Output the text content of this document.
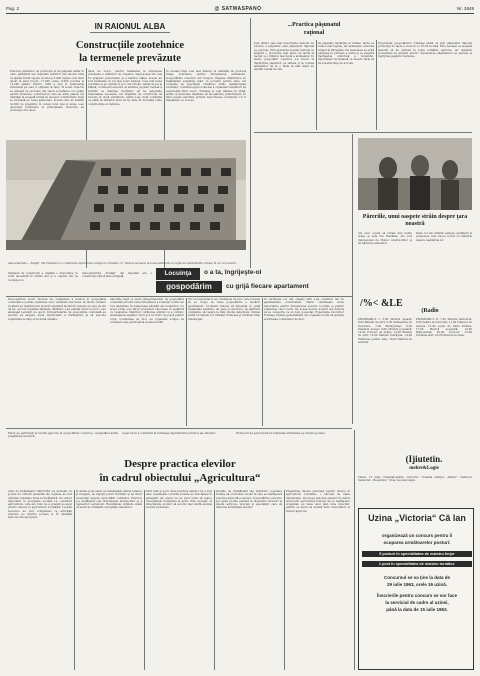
Pag. 2	@ SATMASPANO	Nr. 2649
IN RAIONUL ALBA
Construcțiile zootehnice
la termenele prevăzute
Practica pluzarilor de producţie şi de păşunat astfel în care, pământul are regiunile valorilor din raionul Alba ca planul 8.000 capete bovine şi 5.000 capete ovin mult decât în anul trecut. 17.500 ovine, 8.000 porcine şi 12.500 păsări. Pentru 1963 a fost şi rezervarea suficientă pe care îi obţinem la timp. În acest obiectiv se adaugă ca sectoare din raion zootehnice noi spaţii pentru sinterele, constructori care au atins planul, iar unităţile la această fermă au început construcţiile. Deşi se lucrează pe toate şantierele, aceste care au stabilit lucrări de pregătire în cursul lunii mai şi iunie, s-au dezvoltat termenele la principalele obiective de producţie din raion.
dacă de G.A.C. pentru realizarea la termenele prevăzute a clădirilor de creştere, după aceea din cele 10 grajduri proiectante şi a marilor stâne, aceste au fost terminate în cel mai scurt termen. Cele mai bune rezultate le au obţinut G.A.C. din Cricău, Galda de Jos şi Mihalţ. Comitetul executiv al sfatului popular raional a hotărât ca înaintea lucrărilor să fie asigurate materialele necesare, iar brigăzile de construcţii să lucreze în două schimburi. Astfel s-au creat condiţiile ca până la sfârşitul lunii să fie date în folosinţă toate construcţiile zootehnice.
In acelaşi timp s-au luat măsuri ca unităţile să producă furaje suficiente pentru întreţinerea animalelor. Gospodăriile colective din Ciugud, Oiejdea, Sântimbru au însămânţat suprafeţe mari cu porumb pentru siloz, iar comisiile de specialişti urmăresc zilnic desfăşurarea lucrărilor. Consiliul agricol raional a organizat schimburi de experienţă între G.A.C. fruntaşe şi cele rămase în urmă, astfel ca metodele înaintate să fie aplicate pretutindeni. În felul acesta sarcinile privind dezvoltarea zootehniei vor fi îndeplinite cu succes.
...Practica păşunatul
raţional
Una dintre cele mai importante metode de folosire a păşunilor este păşunatul raţional pe parcele. Prin aplicarea acestei metode se asigură o producţie mai mare de iarbă la hectar şi o hrănire mai bună a animalelor. În multe gospodării colective s-a trecut la împărţirea păşunilor pe tarlale şi la rotirea animalelor de la o tarla la alta după un anumit număr de zile.
Pe păşunile împărţite în tarlale, iarba se reface mai repede, iar animalele consumă furajul în întregime. De asemenea se evită călcarea în picioare a ierbii şi se asigură îngrăşarea uniformă a terenului. Specialiştii recomandă ca fiecare tarla să fie folosită timp de 4-6 zile.
Experienţa gospodăriilor fruntaşe arată că prin păşunatul raţional producţia de lapte a crescut cu 15-20 la sută. Este necesar ca această metodă să fie extinsă în toate unităţile agricole, iar inginerii zootehnişti să sprijine efectiv organizarea păşunatului pe parcele şi îngrijirea pajiştilor naturale.
Autocamerista – „Fosfaţi“ din Capitală cu o construcţie tipică, bine aranjat în circulaţia „3“. Deşi se lucrează pe toate şantierele în regim de apartamente, trăiesc în cei 12 locuitori.
Locuinţa	o a ta, îngrijeşte-ol
gospodărim	cu grijă fiecare apartament
Sistemul de construcţii a căpătat o dezvoltare cu totul deosebită în ultimii ani şi a cuprins mii de locuinţe noi.
Autocamerista „Fosfaţi“ din Capitală are o construcţie tipică bine aranjată.
Sarcinile mari ce revin întreprinderilor de gospodărie comunală privind buna întreţinere a fondului locativ au fost dezbătute în numeroase adunări ale locatarilor. Cu acest prilej s-au făcut propuneri valoroase în legătură cu repararea clădirilor, curăţenia scărilor şi a curţilor, amenajarea spaţiilor verzi şi a locurilor de joacă pentru copii. Comitetele de bloc au organizat echipe de voluntari care participă la aceste lucrări.
Un rol important îl au comitetele de bloc care trebuie să se ocupe de buna gospodărire a fiecărui apartament. Locatarii trebuie să întreţină cu grijă instalaţiile sanitare, de gaze şi electrice, să păstreze curăţenia, să repare la timp micile defecţiuni. Numai astfel locuinţele vor rămâne frumoase şi durabile timp îndelungat.
În cartierele noi din oraşele ţării s-au construit mii de apartamente confortabile. Statul cheltuieşte sume importante pentru întreţinerea acestor locuinţe şi pentru repararea celor vechi. De aceea fiecare locatar are datoria să se comporte ca un bun gospodar. Experienţa blocurilor fruntaşe trebuie generalizată, iar organele locale să sprijine activitatea comitetelor de bloc.
Descoperirea noilor metode de organizare a muncii în gospodăria comunală a permis obţinerea unor rezultate mai bune. În multe cartiere locatarii au realizat prin muncă voluntară lucrări în valoare de sute de mii de lei. Au fost reparate faţadele clădirilor, s-au plantat arbori şi flori, s-au amenajat terenuri de sport. Întreprinderile de gospodărie comunală au sarcina să asigure buna funcţionare a instalaţiilor şi să execute reparaţiile la timp şi de bună calitate.
Păreriile, unui oaspete străin despre ţara noastră
Am avut ocazia să vizitez mai multe oraşe şi sate din România. Am fost impresionat de ritmul construcţiilor şi de hărnicia oamenilor.
Peste tot am întâlnit oameni ospitalieri şi prietenoşi care mi-au vorbit cu mândrie despre realizările lor.
/%< &LE
(Radio
PROGRAMUL I: 5,00 Muzică uşoară; 6,00 Buletin de ştiri; 6,30 Gimnastica de înviorare; 7,00 Radiojurnal; 8,00 Sumarul presei; 9,00 Muzică populară; 10,00 Concert de prânz; 12,00 Buletin de ştiri; 13,00 Melodii îndrăgite; 14,00 Emisiune pentru sate; 16,00 Muzică de estradă.
PROGRAMUL II: 7,30 Muzică simfonică; 9,30 Teatru la microfon; 11,00 Cântece de muncă; 15,00 Lecţii de limbi străine; 17,00 Muzică populară; 19,00 Radiojurnal; 20,00 Concert; 22,00 Ultimele ştiri; 23,00 Muzică de dans.
(Ijiutetin.
mebre&Logie
Vineri, 12 iulie: Cinematograful „Victoria“: Toamna ştiinţei; „Patria“: Cântecul fierarului; „Republica“: Ziua cea mai lungă.
Elevii au participat la lucrări agricole în gospodăriile colective, completând astfel pregătirea teoretică.
Acest lucru a contribuit la formarea deprinderilor practice ale tinerilor.	Profesorii de agricultură au îndrumat activitatea pe loturile şcolare.
Despre practica elevilor
în cadrul obiectului „Agricultura“
Anul de învăţământ 1962/1963 s-a încheiat. În şcolile de cultură generală din regiune au fost obţinute rezultate bune la învăţătură. Un obiect important în programa şcolară l-a constituit agricultura, care are rolul de a pregăti pe elevi pentru munca în agricultura socialistă. Lecţiile teoretice au fost completate cu activităţi practice pe loturile şcolare şi în unităţile agricole din apropiere.
În multe şcoli elevii au însămânţat plante tehnice şi furajere, au îngrijit pomii fructiferi şi au făcut observaţii asupra dezvoltării culturilor. Practica s-a desfăşurat sub îndrumarea profesorilor şi a inginerilor agronomi. Rezultatele obţinute arată că elevii au dobândit cunoştinţe temeinice.
Sunt însă şi şcoli unde practica elevilor nu a fost bine organizată. Loturile şcolare au fost lăsate în paragină, iar elevii nu au avut unde să aplice cunoştinţele dobândite la lecţii. Este necesar ca direcţiunile şcolilor să acorde mai multă atenţie acestei probleme.
Secţiile de învăţământ ale sfaturilor populare trebuie să controleze modul în care se desfăşoară practica agricolă a elevilor. Gospodăriile colective pot ajuta şcolile punând la dispoziţie terenuri şi unelte agricole, precum şi specialişti care să îndrume activitatea elevilor.
Pregătirea tinerei generaţii pentru munca în agricultură constituie o sarcină de mare răspundere. De aceea practica elevilor în cadrul obiectului agricultura trebuie să se desfăşoare organizat, pe baza unui plan bine întocmit, pentru ca elevii să devină buni cunoscători ai muncii agricole.
Uzina „Victoria“ Că lan
organizează un concurs pentru îi
ocuparea următoarelor posturi:
5 posturi în specialitatea de maistru forjor
1 post în specialitatea de maistru turnător.
Concursul se va ţine la data de
29 iulie 1963, orele 16 uzină.
Înscrierile pentru concurs se vor face
la serviciul de cadre al uzinei,
până la data de 15 iulie 1963.
